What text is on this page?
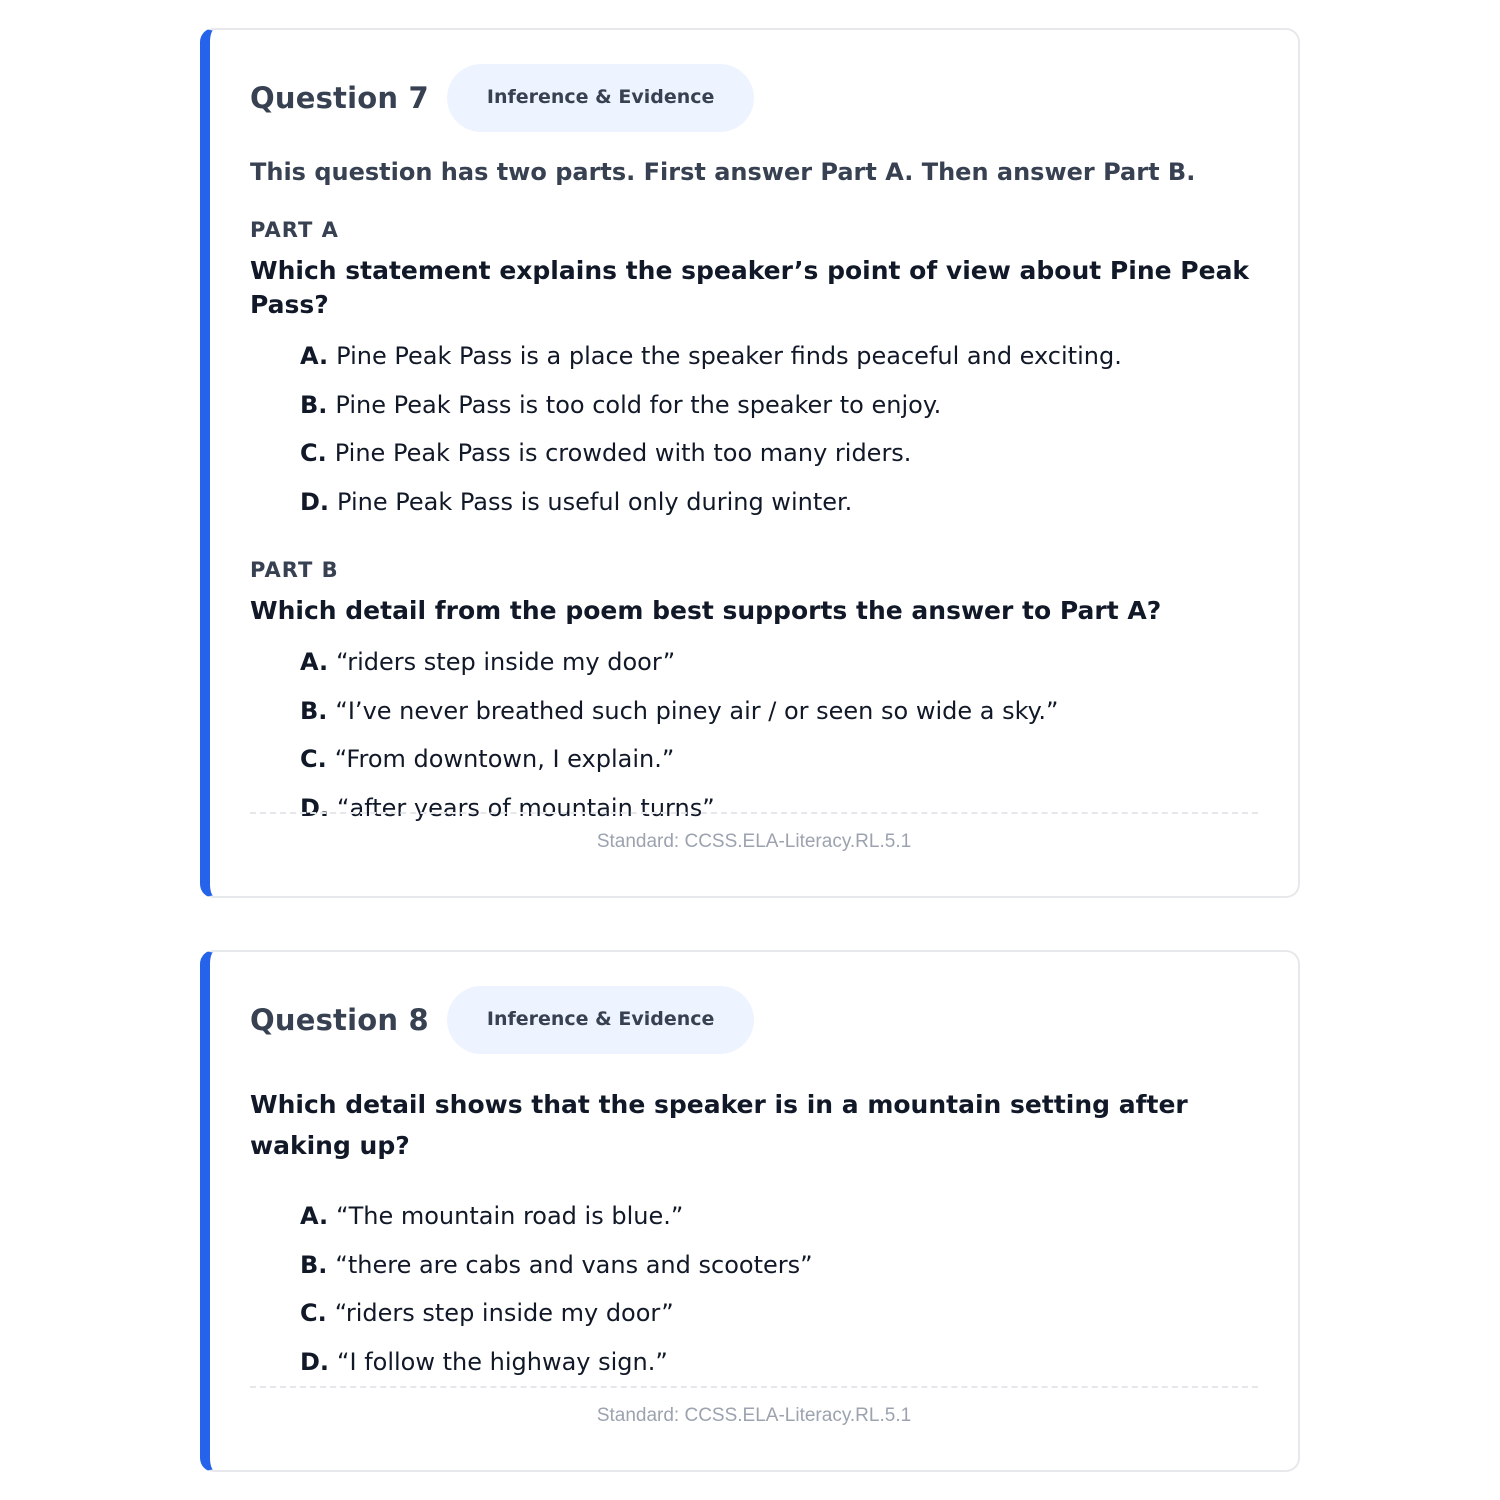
Question 7	Inference & Evidence
This question has two parts. First answer Part A. Then answer Part B.
PART A
Which statement explains the speaker’s point of view about Pine Peak Pass?
A. Pine Peak Pass is a place the speaker finds peaceful and exciting.
B. Pine Peak Pass is too cold for the speaker to enjoy.
C. Pine Peak Pass is crowded with too many riders.
D. Pine Peak Pass is useful only during winter.
PART B
Which detail from the poem best supports the answer to Part A?
A. “riders step inside my door”
B. “I’ve never breathed such piney air / or seen so wide a sky.”
C. “From downtown, I explain.”
D. “after years of mountain turns”
Standard: CCSS.ELA-Literacy.RL.5.1
Question 8	Inference & Evidence
Which detail shows that the speaker is in a mountain setting after waking up?
A. “The mountain road is blue.”
B. “there are cabs and vans and scooters”
C. “riders step inside my door”
D. “I follow the highway sign.”
Standard: CCSS.ELA-Literacy.RL.5.1
